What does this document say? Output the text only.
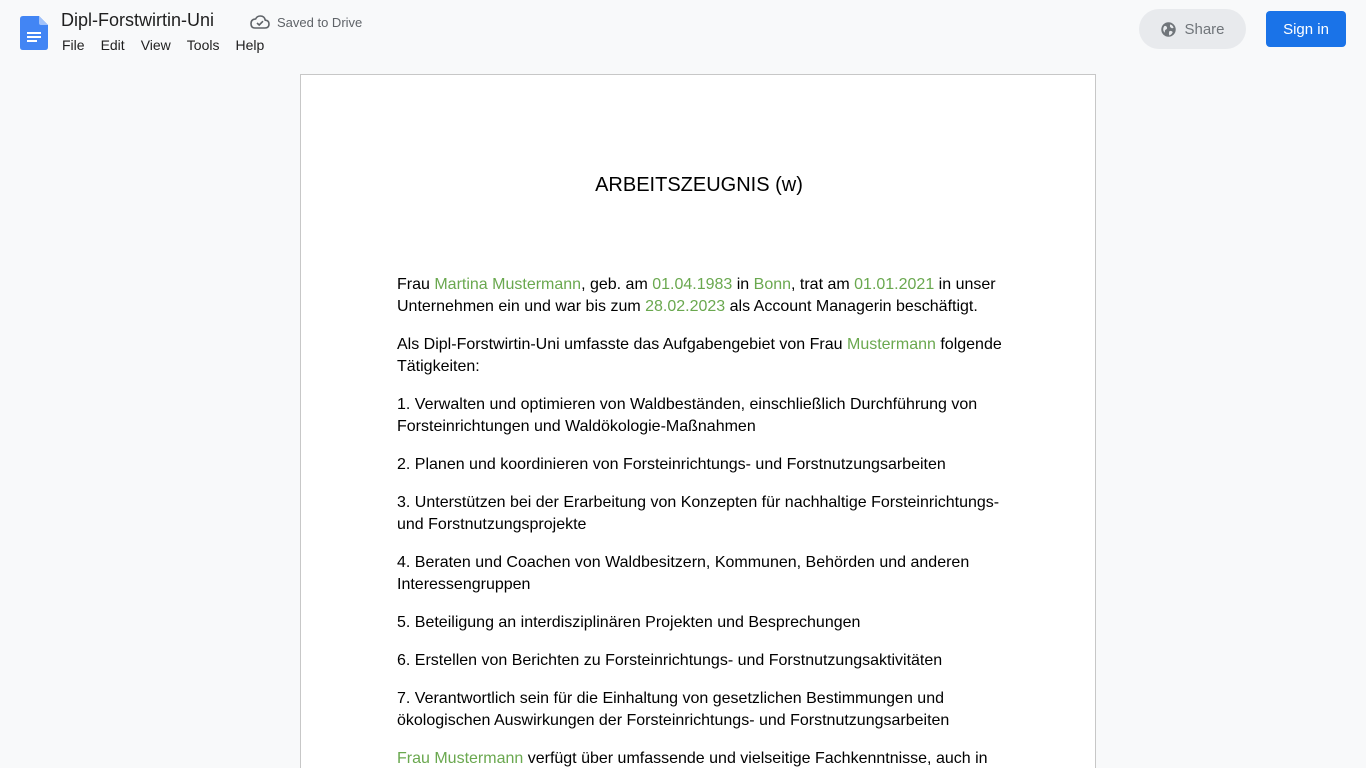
Dipl-Forstwirtin-Uni	Saved to Drive
File Edit View Tools Help
Share	Sign in
ARBEITSZEUGNIS (w)

Frau Martina Mustermann, geb. am 01.04.1983 in Bonn, trat am 01.01.2021 in unser Unternehmen ein und war bis zum 28.02.2023 als Account Managerin beschäftigt.

Als Dipl-Forstwirtin-Uni umfasste das Aufgabengebiet von Frau Mustermann folgende Tätigkeiten:

1. Verwalten und optimieren von Waldbeständen, einschließlich Durchführung von Forsteinrichtungen und Waldökologie-Maßnahmen

2. Planen und koordinieren von Forsteinrichtungs- und Forstnutzungsarbeiten

3. Unterstützen bei der Erarbeitung von Konzepten für nachhaltige Forsteinrichtungs- und Forstnutzungsprojekte

4. Beraten und Coachen von Waldbesitzern, Kommunen, Behörden und anderen Interessengruppen

5. Beteiligung an interdisziplinären Projekten und Besprechungen

6. Erstellen von Berichten zu Forsteinrichtungs- und Forstnutzungsaktivitäten

7. Verantwortlich sein für die Einhaltung von gesetzlichen Bestimmungen und ökologischen Auswirkungen der Forsteinrichtungs- und Forstnutzungsarbeiten

Frau Mustermann verfügt über umfassende und vielseitige Fachkenntnisse, auch in
